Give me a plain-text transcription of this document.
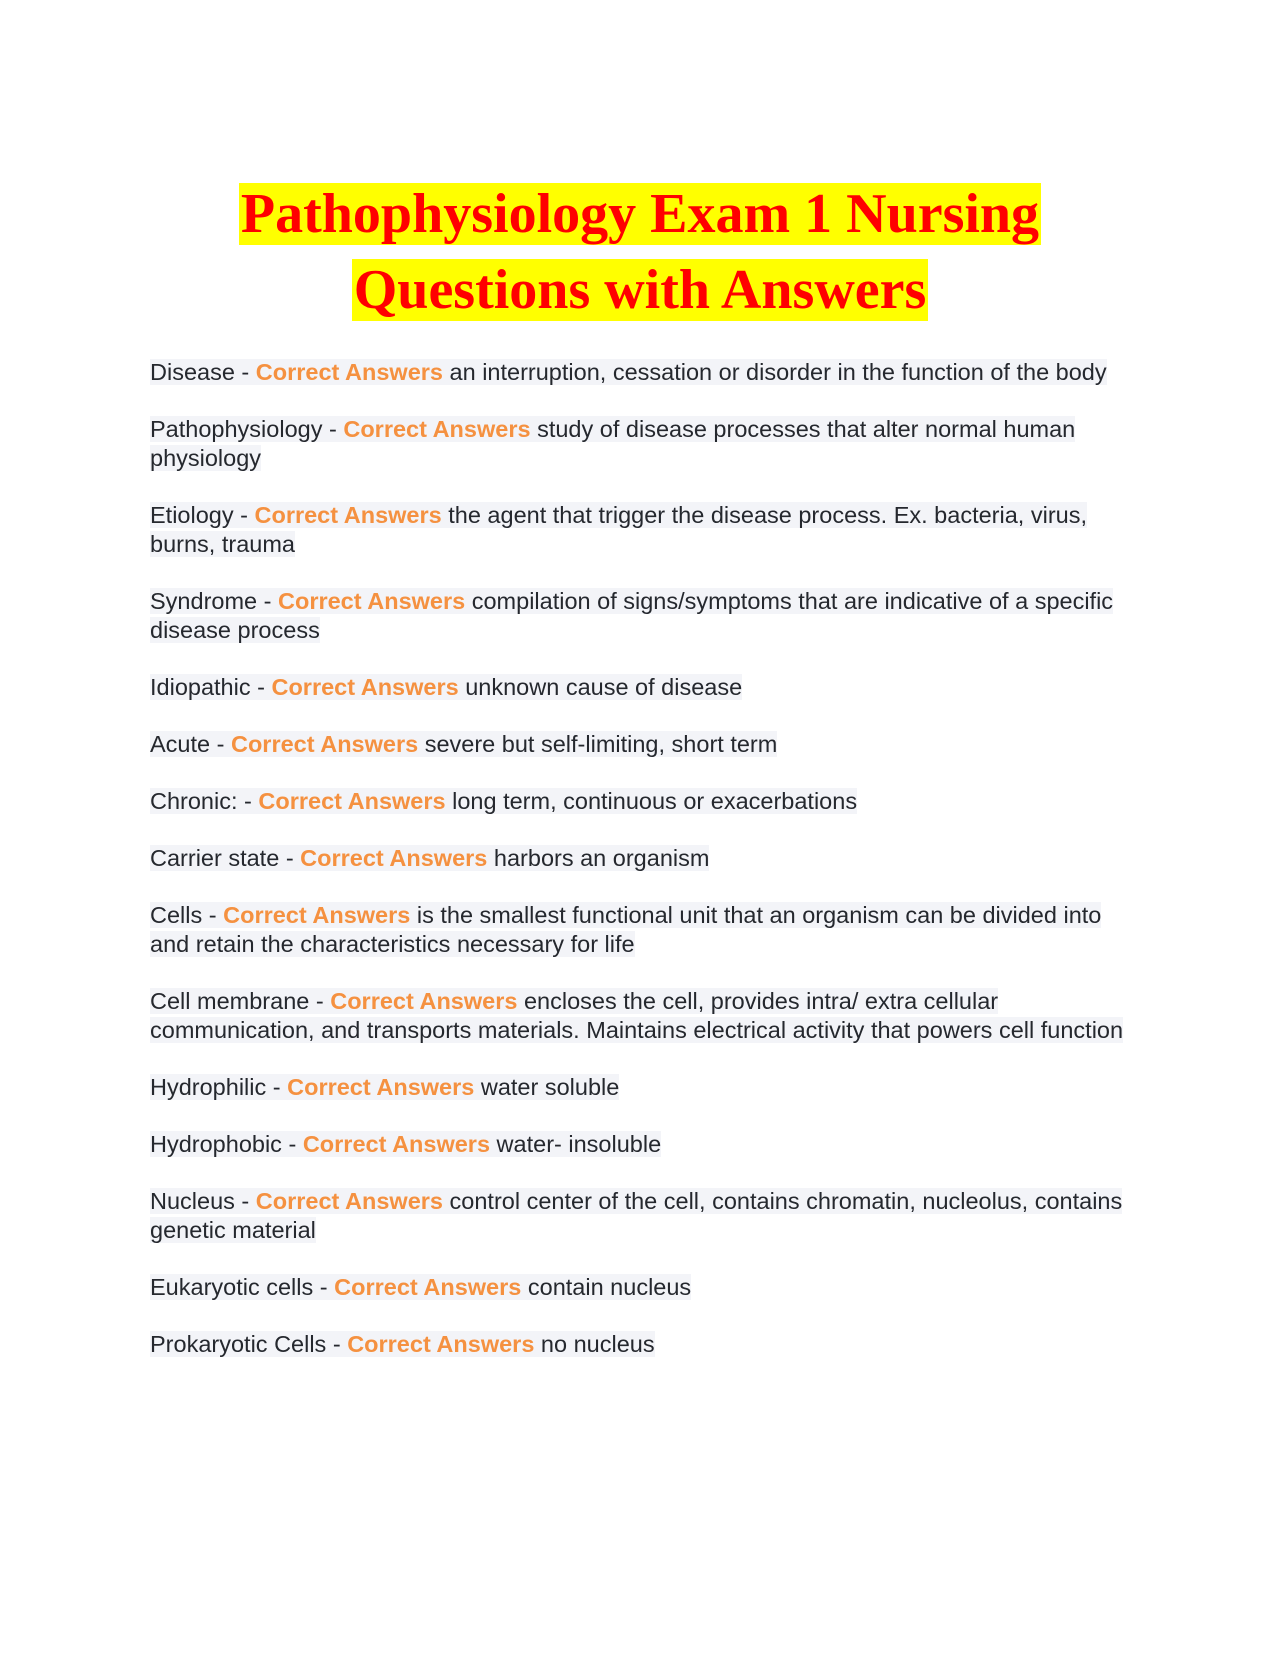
Pathophysiology Exam 1 Nursing
Questions with Answers
Disease - Correct Answers an interruption, cessation or disorder in the function of the body
Pathophysiology - Correct Answers study of disease processes that alter normal human physiology
Etiology - Correct Answers the agent that trigger the disease process. Ex. bacteria, virus, burns, trauma
Syndrome - Correct Answers compilation of signs/symptoms that are indicative of a specific disease process
Idiopathic - Correct Answers unknown cause of disease
Acute - Correct Answers severe but self-limiting, short term
Chronic: - Correct Answers long term, continuous or exacerbations
Carrier state - Correct Answers harbors an organism
Cells - Correct Answers is the smallest functional unit that an organism can be divided into and retain the characteristics necessary for life
Cell membrane - Correct Answers encloses the cell, provides intra/ extra cellular communication, and transports materials. Maintains electrical activity that powers cell function
Hydrophilic - Correct Answers water soluble
Hydrophobic - Correct Answers water- insoluble
Nucleus - Correct Answers control center of the cell, contains chromatin, nucleolus, contains genetic material
Eukaryotic cells - Correct Answers contain nucleus
Prokaryotic Cells - Correct Answers no nucleus
